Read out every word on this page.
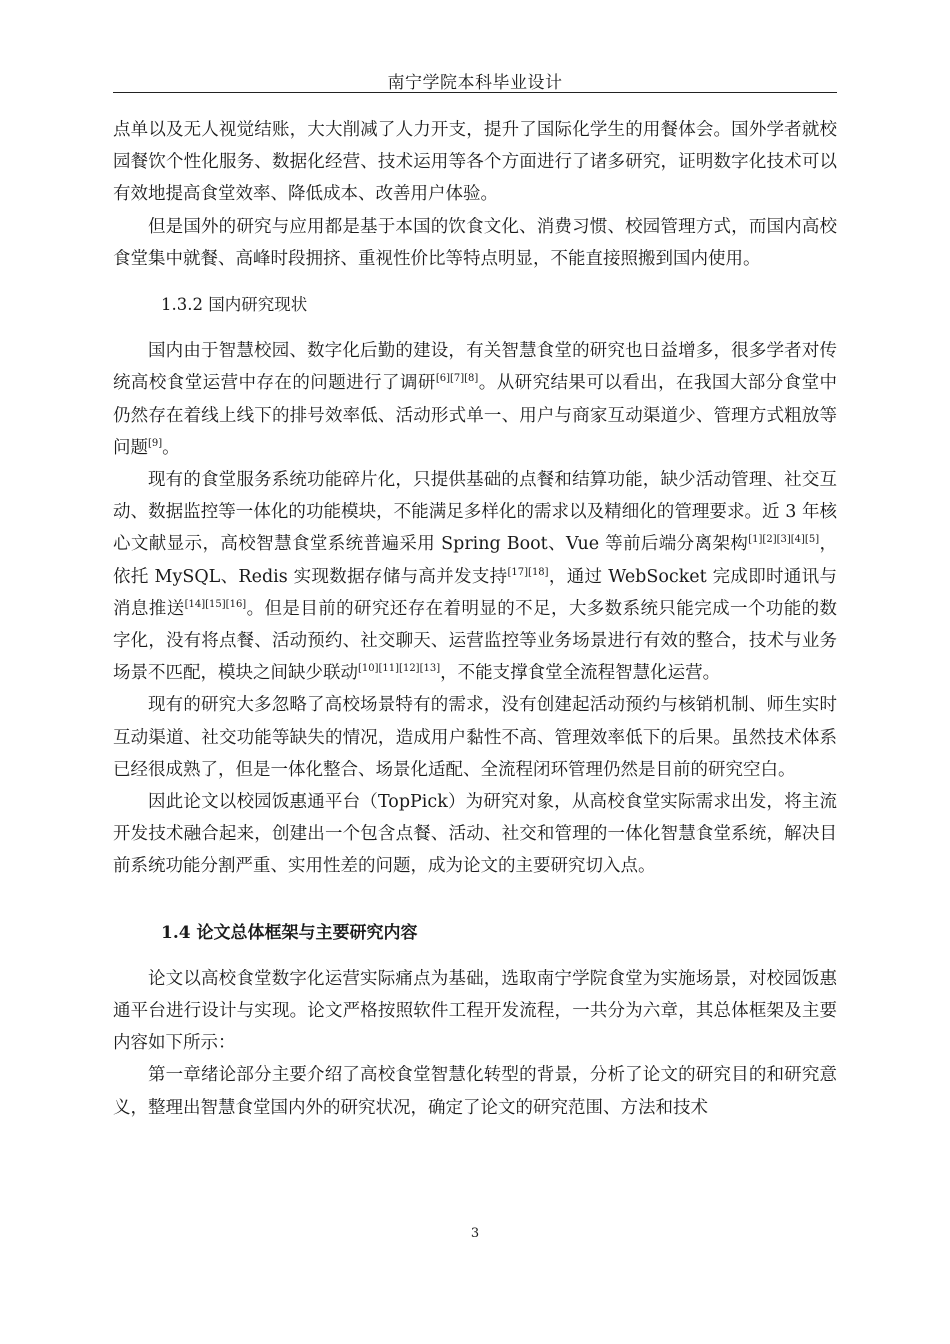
南宁学院本科毕业设计

点单以及无人视觉结账，大大削减了人力开支，提升了国际化学生的用餐体会。国外学者就校园餐饮个性化服务、数据化经营、技术运用等各个方面进行了诸多研究，证明数字化技术可以有效地提高食堂效率、降低成本、改善用户体验。

但是国外的研究与应用都是基于本国的饮食文化、消费习惯、校园管理方式，而国内高校食堂集中就餐、高峰时段拥挤、重视性价比等特点明显，不能直接照搬到国内使用。

1.3.2 国内研究现状

国内由于智慧校园、数字化后勤的建设，有关智慧食堂的研究也日益增多，很多学者对传统高校食堂运营中存在的问题进行了调研[6][7][8]。从研究结果可以看出，在我国大部分食堂中仍然存在着线上线下的排号效率低、活动形式单一、用户与商家互动渠道少、管理方式粗放等问题[9]。

现有的食堂服务系统功能碎片化，只提供基础的点餐和结算功能，缺少活动管理、社交互动、数据监控等一体化的功能模块，不能满足多样化的需求以及精细化的管理要求。近 3 年核心文献显示，高校智慧食堂系统普遍采用 Spring Boot、Vue 等前后端分离架构[1][2][3][4][5]，依托 MySQL、Redis 实现数据存储与高并发支持[17][18]，通过 WebSocket 完成即时通讯与消息推送[14][15][16]。但是目前的研究还存在着明显的不足，大多数系统只能完成一个功能的数字化，没有将点餐、活动预约、社交聊天、运营监控等业务场景进行有效的整合，技术与业务场景不匹配，模块之间缺少联动[10][11][12][13]，不能支撑食堂全流程智慧化运营。

现有的研究大多忽略了高校场景特有的需求，没有创建起活动预约与核销机制、师生实时互动渠道、社交功能等缺失的情况，造成用户黏性不高、管理效率低下的后果。虽然技术体系已经很成熟了，但是一体化整合、场景化适配、全流程闭环管理仍然是目前的研究空白。

因此论文以校园饭惠通平台（TopPick）为研究对象，从高校食堂实际需求出发，将主流开发技术融合起来，创建出一个包含点餐、活动、社交和管理的一体化智慧食堂系统，解决目前系统功能分割严重、实用性差的问题，成为论文的主要研究切入点。

1.4 论文总体框架与主要研究内容

论文以高校食堂数字化运营实际痛点为基础，选取南宁学院食堂为实施场景，对校园饭惠通平台进行设计与实现。论文严格按照软件工程开发流程，一共分为六章，其总体框架及主要内容如下所示：

第一章绪论部分主要介绍了高校食堂智慧化转型的背景，分析了论文的研究目的和研究意义，整理出智慧食堂国内外的研究状况，确定了论文的研究范围、方法和技术

3
